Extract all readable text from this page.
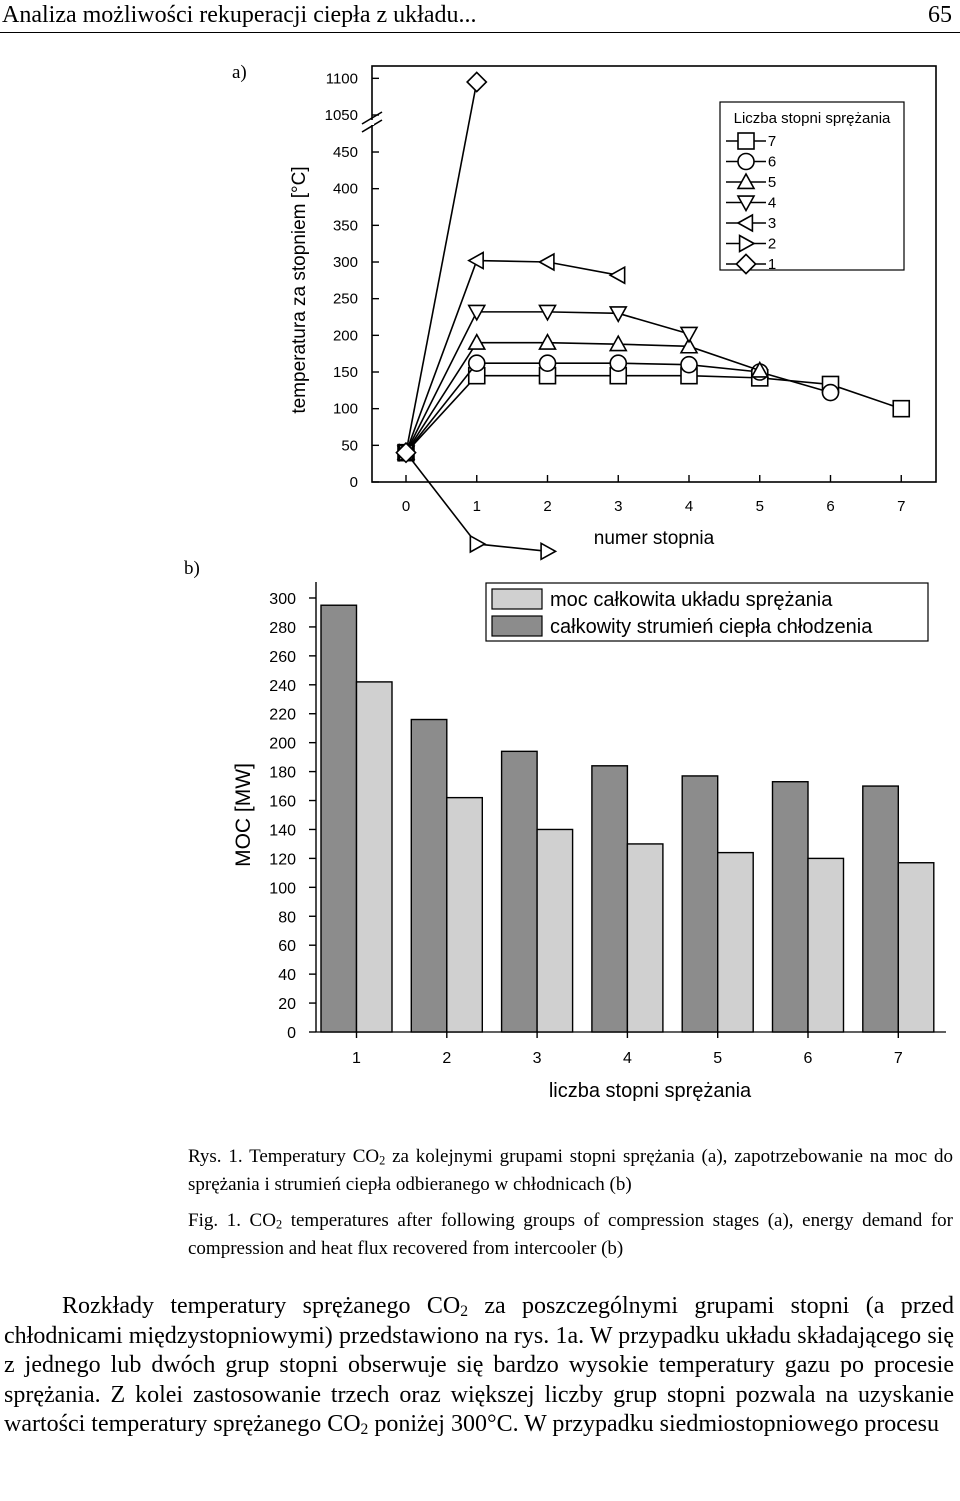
Analiza możliwości rekuperacji ciepła z układu...	65
0
50
100
150
200
250
300
350
400
450
1050
1100
0	1	2	3	4	5	6	7
numer stopnia
temperatura za stopniem [°C]
Liczba stopni sprężania
7
6
5
4
3
2
1
0
20
40
60
80
100
120
140
160
180
200
220
240
260
280
300
1	2	3	4	5	6	7
liczba stopni sprężania
MOC [MW]
moc całkowita układu sprężania
całkowity strumień ciepła chłodzenia
a)
b)
Rys. 1. Temperatury $CO_2$ za kolejnymi grupami stopni sprężania (a), zapotrzebowanie na moc do sprężania i strumień ciepła odbieranego w chłodnicach (b)
Fig. 1. $CO_2$ temperatures after following groups of compression stages (a), energy demand for compression and heat flux recovered from intercooler (b)
Rozkłady temperatury sprężanego $CO_2$ za poszczególnymi grupami stopni (a przed chłodnicami międzystopniowymi) przedstawiono na rys. 1a. W przypadku układu składającego się z jednego lub dwóch grup stopni obserwuje się bardzo wysokie temperatury gazu po procesie sprężania. Z kolei zastosowanie trzech oraz większej liczby grup stopni pozwala na uzyskanie wartości temperatury sprężanego $CO_2$ poniżej 300°C. W przypadku siedmiostopniowego procesu
